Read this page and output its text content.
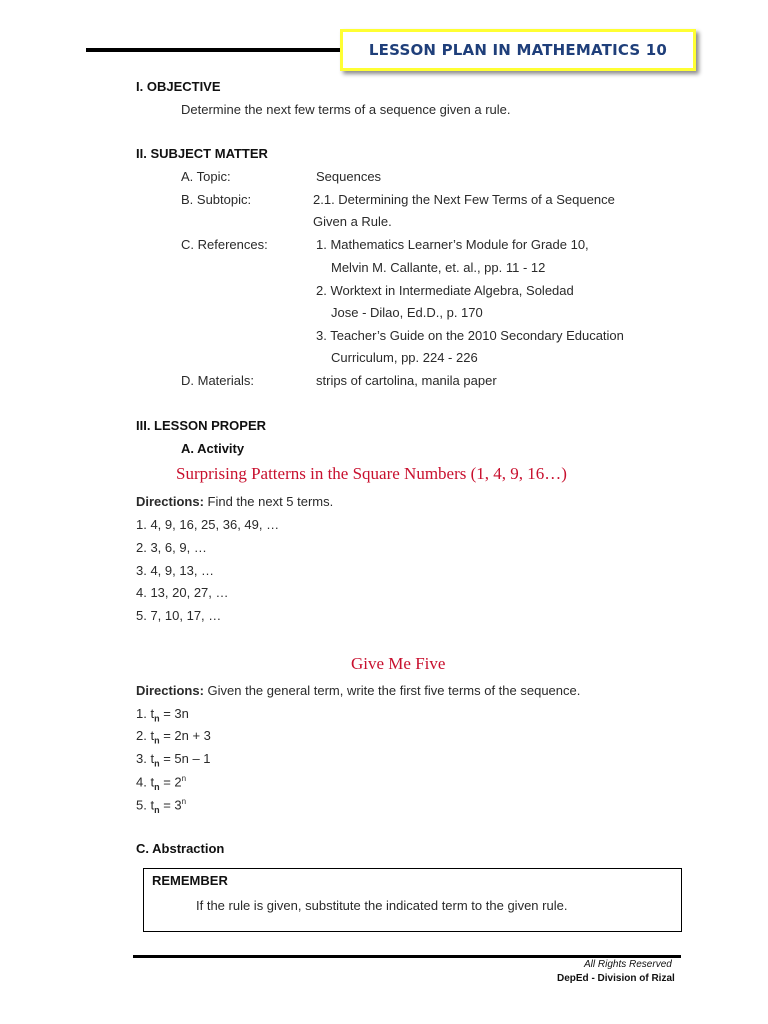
LESSON PLAN IN MATHEMATICS 10
I. OBJECTIVE
Determine the next few terms of a sequence given a rule.
II. SUBJECT MATTER
A. Topic:	Sequences
B. Subtopic:	2.1. Determining the Next Few Terms of a Sequence
Given a Rule.
C. References:	1. Mathematics Learner’s Module for Grade 10,
Melvin M. Callante, et. al., pp. 11 - 12
2. Worktext in Intermediate Algebra, Soledad
Jose - Dilao, Ed.D., p. 170
3. Teacher’s Guide on the 2010 Secondary Education
Curriculum, pp. 224 - 226
D. Materials:	strips of cartolina, manila paper
III. LESSON PROPER
A. Activity
Surprising Patterns in the Square Numbers (1, 4, 9, 16…)
Directions: Find the next 5 terms.
1. 4, 9, 16, 25, 36, 49, …
2. 3, 6, 9, …
3. 4, 9, 13, …
4. 13, 20, 27, …
5. 7, 10, 17, …
Give Me Five
Directions: Given the general term, write the first five terms of the sequence.
1. $t_n = 3n$
2. $t_n = 2n + 3$
3. $t_n = 5n - 1$
4. $t_n = 2^n$
5. $t_n = 3^n$
C. Abstraction
REMEMBER
If the rule is given, substitute the indicated term to the given rule.
All Rights Reserved
DepEd - Division of Rizal
